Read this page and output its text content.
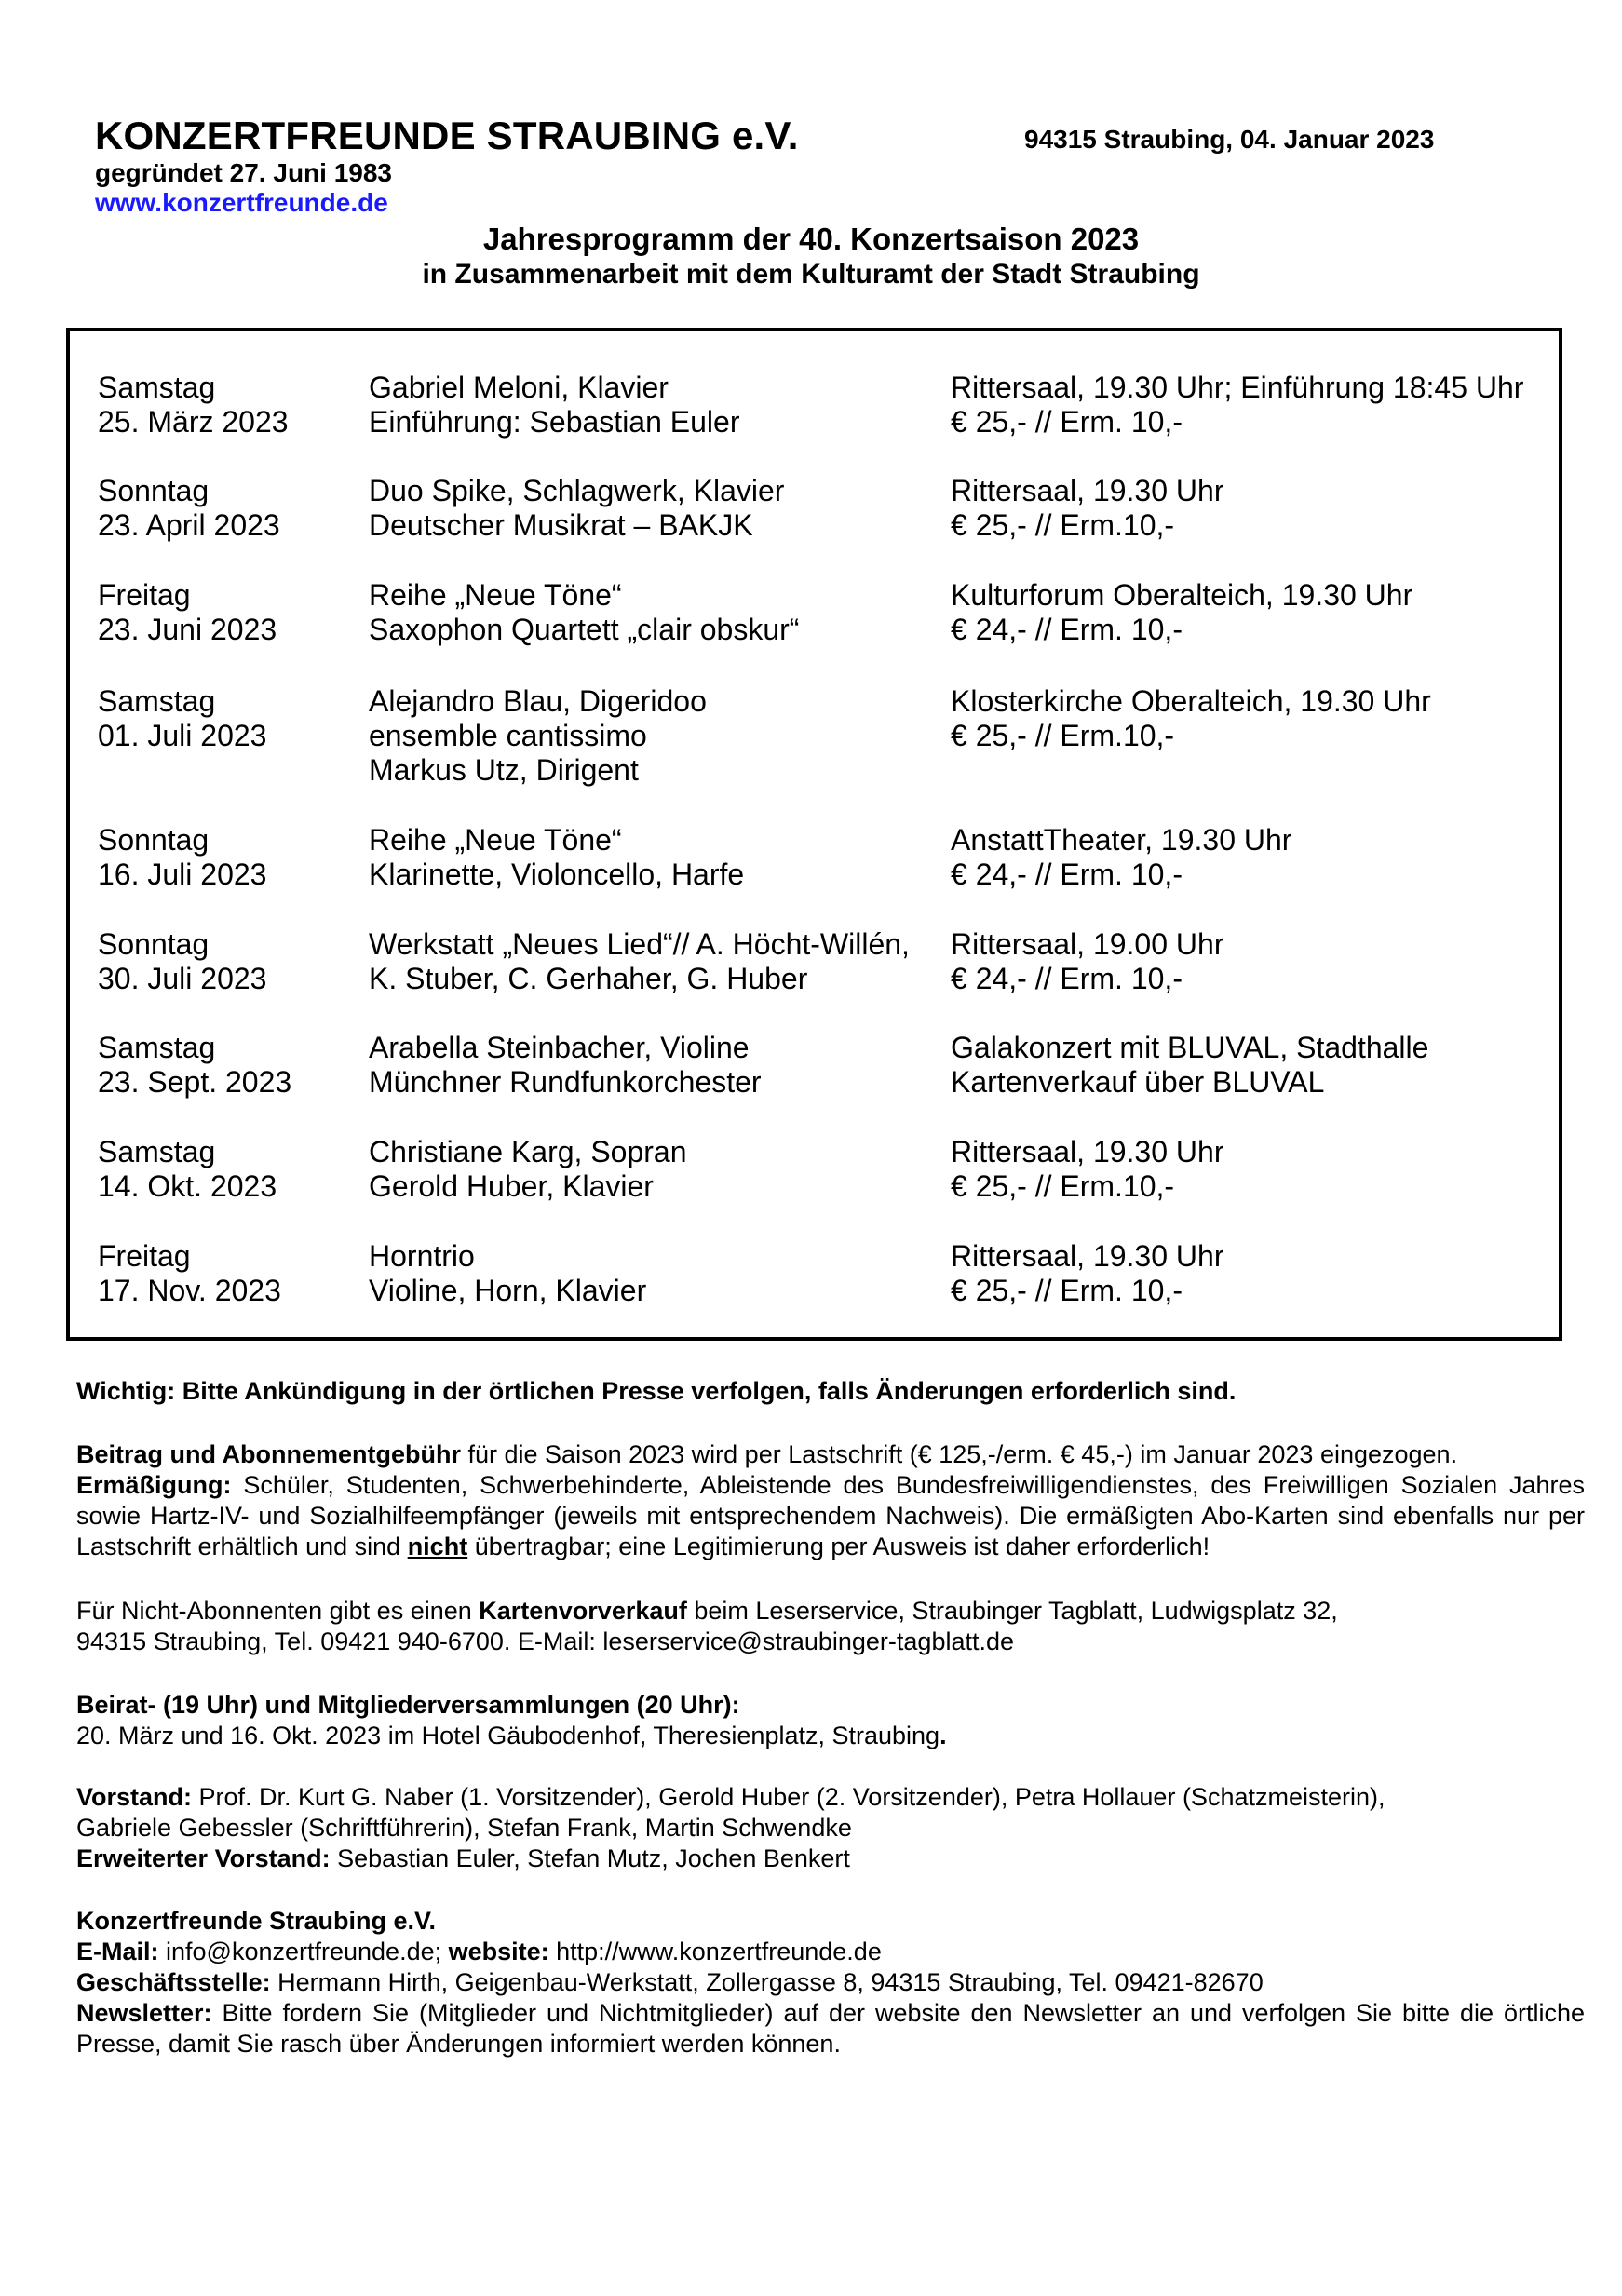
KONZERTFREUNDE STRAUBING e.V.	94315 Straubing, 04. Januar 2023
gegründet 27. Juni 1983
www.konzertfreunde.de
Jahresprogramm der 40. Konzertsaison 2023
in Zusammenarbeit mit dem Kulturamt der Stadt Straubing
Samstag
25. März 2023
Gabriel Meloni, Klavier
Einführung: Sebastian Euler
Rittersaal, 19.30 Uhr; Einführung 18:45 Uhr
€ 25,- // Erm. 10,-
Sonntag
23. April 2023
Duo Spike, Schlagwerk, Klavier
Deutscher Musikrat – BAKJK
Rittersaal, 19.30 Uhr
€ 25,- // Erm.10,-
Freitag
23. Juni 2023
Reihe „Neue Töne“
Saxophon Quartett „clair obskur“
Kulturforum Oberalteich, 19.30 Uhr
€ 24,- // Erm. 10,-
Samstag
01. Juli 2023
Alejandro Blau, Digeridoo
ensemble cantissimo
Markus Utz, Dirigent
Klosterkirche Oberalteich, 19.30 Uhr
€ 25,- // Erm.10,-
Sonntag
16. Juli 2023
Reihe „Neue Töne“
Klarinette, Violoncello, Harfe
AnstattTheater, 19.30 Uhr
€ 24,- // Erm. 10,-
Sonntag
30. Juli 2023
Werkstatt „Neues Lied“// A. Höcht-Willén,
K. Stuber, C. Gerhaher, G. Huber
Rittersaal, 19.00 Uhr
€ 24,- // Erm. 10,-
Samstag
23. Sept. 2023
Arabella Steinbacher, Violine
Münchner Rundfunkorchester
Galakonzert mit BLUVAL, Stadthalle
Kartenverkauf über BLUVAL
Samstag
14. Okt. 2023
Christiane Karg, Sopran
Gerold Huber, Klavier
Rittersaal, 19.30 Uhr
€ 25,- // Erm.10,-
Freitag
17. Nov. 2023
Horntrio
Violine, Horn, Klavier
Rittersaal, 19.30 Uhr
€ 25,- // Erm. 10,-

Wichtig: Bitte Ankündigung in der örtlichen Presse verfolgen, falls Änderungen erforderlich sind.

Beitrag und Abonnementgebühr für die Saison 2023 wird per Lastschrift (€ 125,-/erm. € 45,-) im Januar 2023 eingezogen.

Ermäßigung: Schüler, Studenten, Schwerbehinderte, Ableistende des Bundesfreiwilligendienstes, des Freiwilligen Sozialen Jahres sowie Hartz-IV- und Sozialhilfeempfänger (jeweils mit entsprechendem Nachweis). Die ermäßigten Abo-Karten sind ebenfalls nur per Lastschrift erhältlich und sind nicht übertragbar; eine Legitimierung per Ausweis ist daher erforderlich!

Für Nicht-Abonnenten gibt es einen Kartenvorverkauf beim Leserservice, Straubinger Tagblatt, Ludwigsplatz 32,

94315 Straubing, Tel. 09421 940-6700. E-Mail: leserservice@straubinger-tagblatt.de

Beirat- (19 Uhr) und Mitgliederversammlungen (20 Uhr):

20. März und 16. Okt. 2023 im Hotel Gäubodenhof, Theresienplatz, Straubing.

Vorstand: Prof. Dr. Kurt G. Naber (1. Vorsitzender), Gerold Huber (2. Vorsitzender), Petra Hollauer (Schatzmeisterin),

Gabriele Gebessler (Schriftführerin), Stefan Frank, Martin Schwendke

Erweiterter Vorstand: Sebastian Euler, Stefan Mutz, Jochen Benkert

Konzertfreunde Straubing e.V.

E-Mail: info@konzertfreunde.de; website: http://www.konzertfreunde.de

Geschäftsstelle: Hermann Hirth, Geigenbau-Werkstatt, Zollergasse 8, 94315 Straubing, Tel. 09421-82670

Newsletter: Bitte fordern Sie (Mitglieder und Nichtmitglieder) auf der website den Newsletter an und verfolgen Sie bitte die örtliche Presse, damit Sie rasch über Änderungen informiert werden können.
